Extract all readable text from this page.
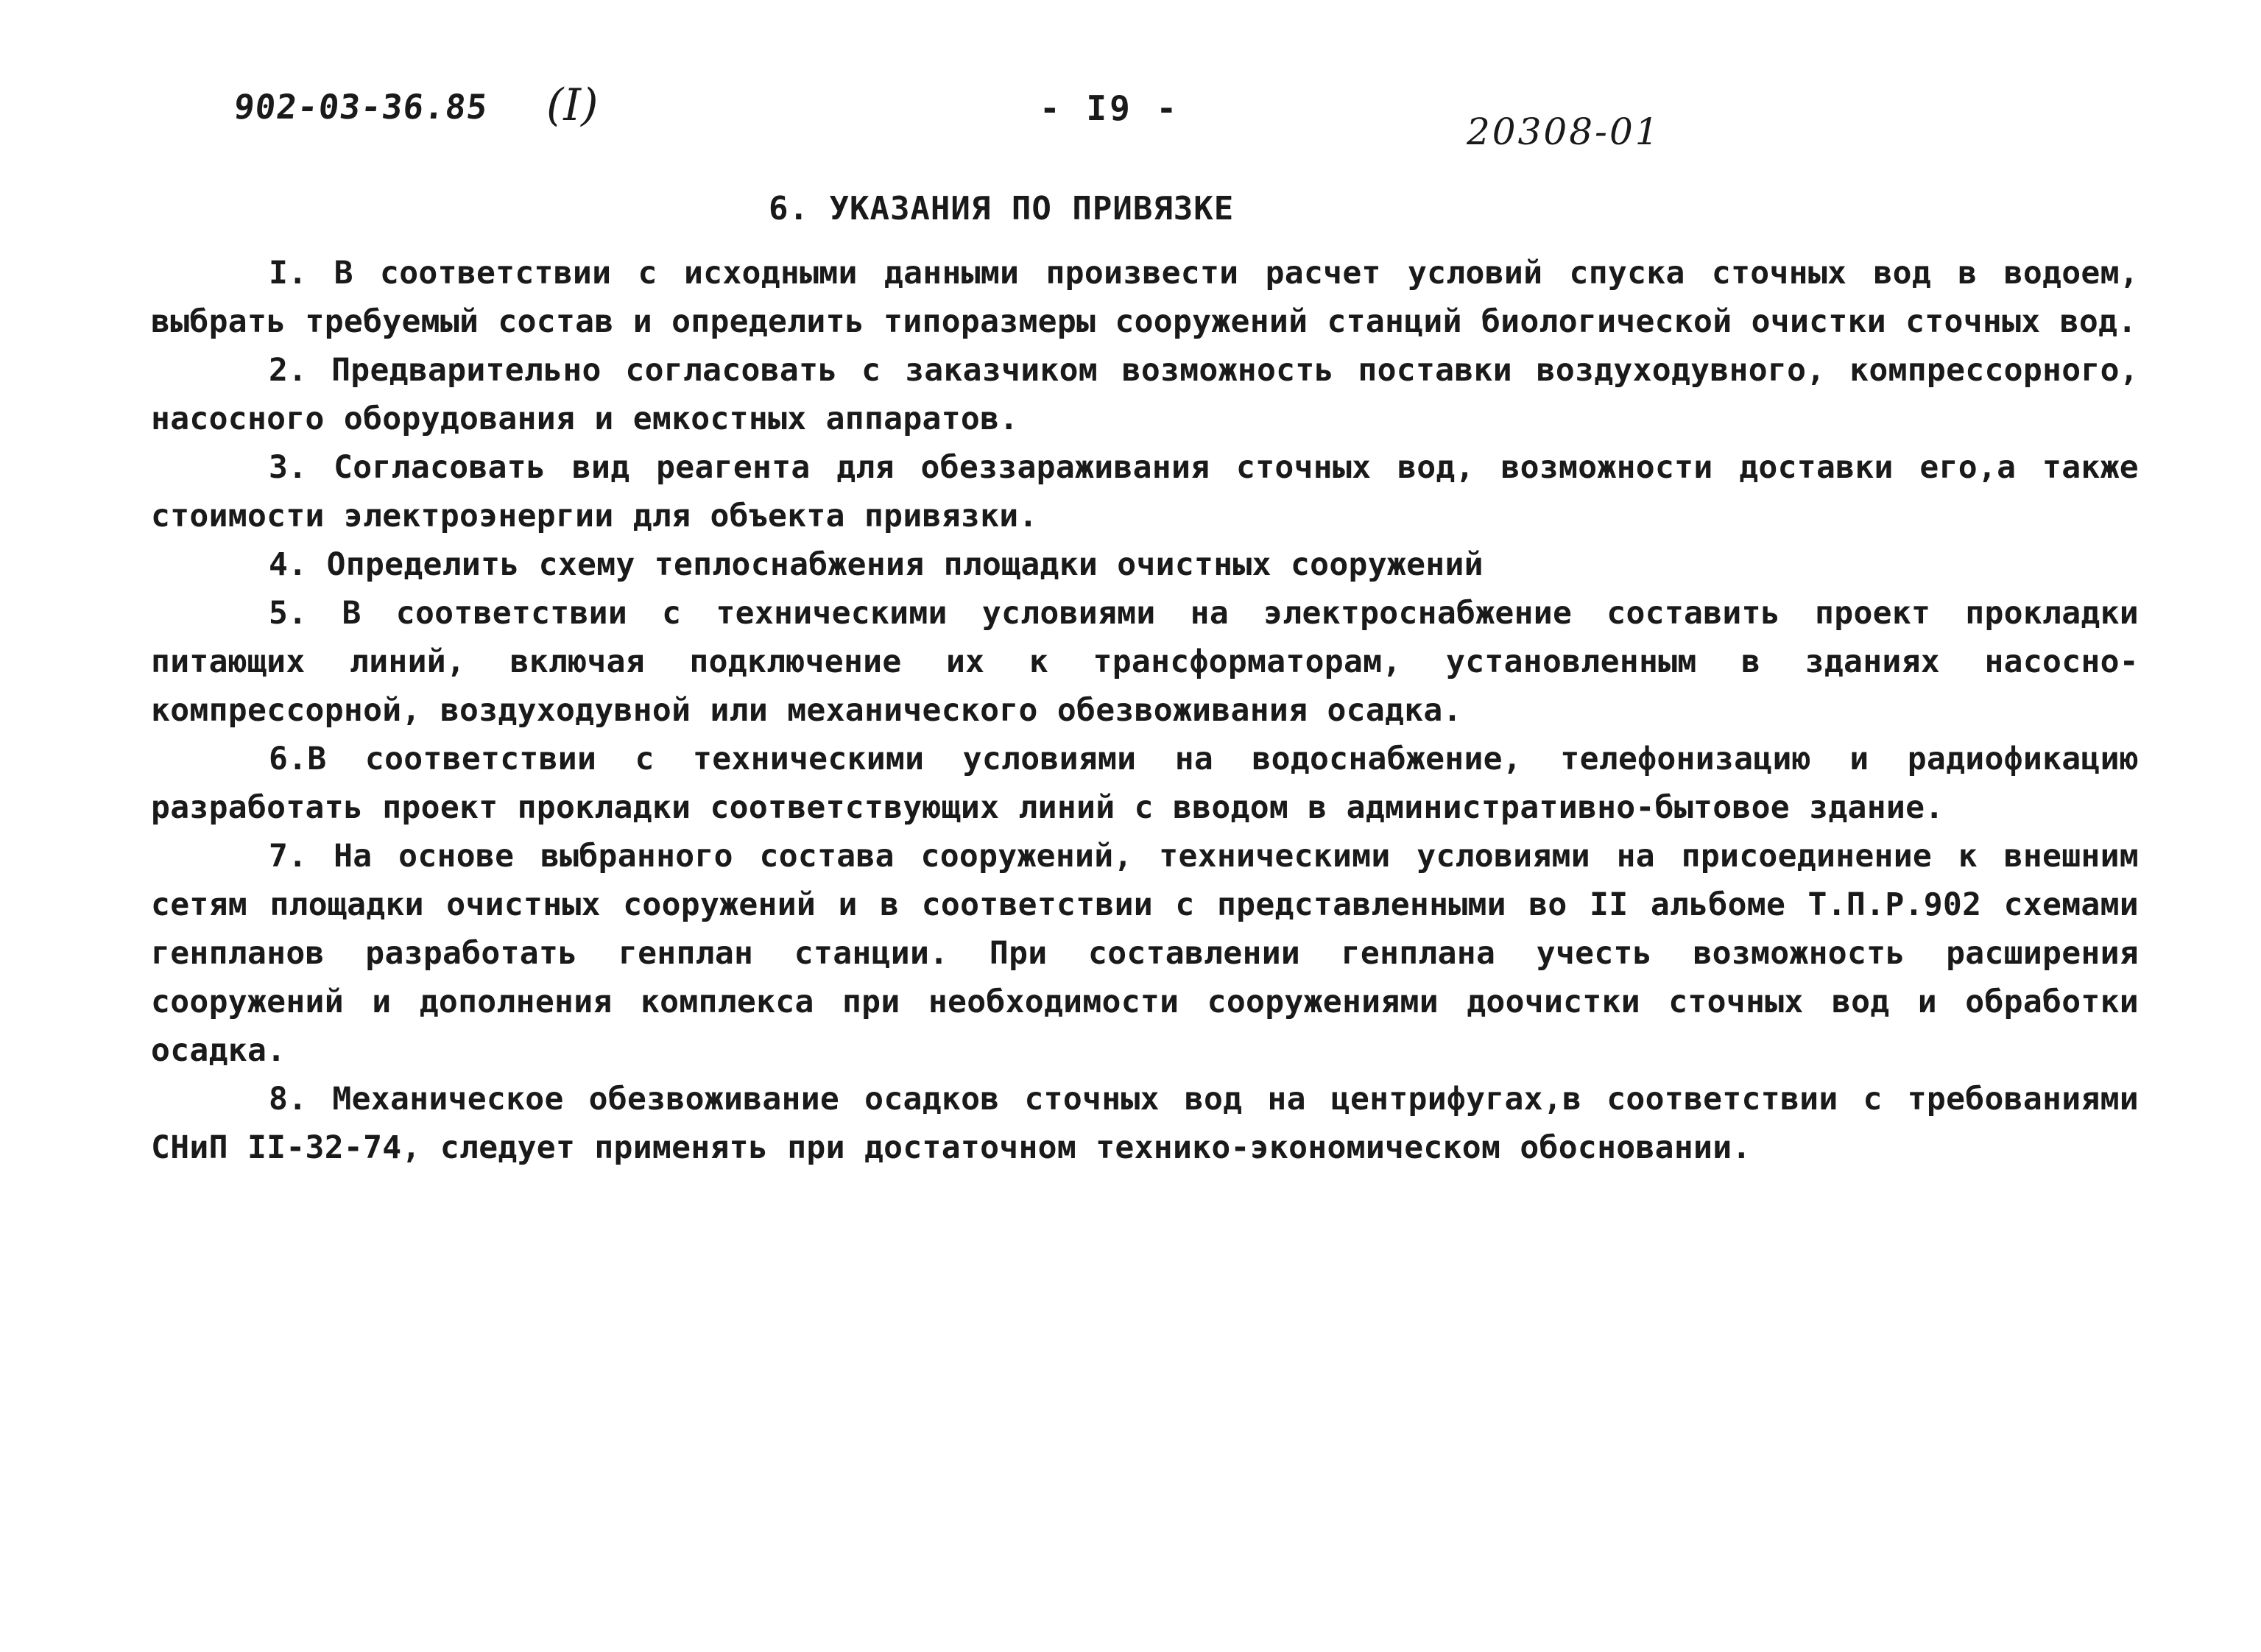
902-03-36.85 (I)	- I9 -
20308-01
6. УКАЗАНИЯ ПО ПРИВЯЗКЕ

I. В соответствии с исходными данными произвести расчет условий спуска сточных вод в водоем, выбрать требуемый состав и определить типоразмеры сооружений станций биологической очистки сточных вод.

2. Предварительно согласовать с заказчиком возможность поставки воздуходувного, компрессорного, насосного оборудования и емкостных аппаратов.

3. Согласовать вид реагента для обеззараживания сточных вод, возможности доставки его,а также стоимости электроэнергии для объекта привязки.

4. Определить схему теплоснабжения площадки очистных сооружений

5. В соответствии с техническими условиями на электроснабжение составить проект прокладки питающих линий, включая подключение их к трансформаторам, установленным в зданиях насосно-компрессорной, воздуходувной или механического обезвоживания осадка.

6.В соответствии с техническими условиями на водоснабжение, телефонизацию и радиофикацию разработать проект прокладки соответствующих линий с вводом в административно-бытовое здание.

7. На основе выбранного состава сооружений, техническими условиями на присоединение к внешним сетям площадки очистных сооружений и в соответствии с представленными во II альбоме Т.П.Р.902 схемами генпланов разработать генплан станции. При составлении генплана учесть возможность расширения сооружений и дополнения комплекса при необходимости сооружениями доочистки сточных вод и обработки осадка.

8. Механическое обезвоживание осадков сточных вод на центрифугах,в соответствии с требованиями СНиП II-32-74, следует применять при достаточном технико-экономическом обосновании.
